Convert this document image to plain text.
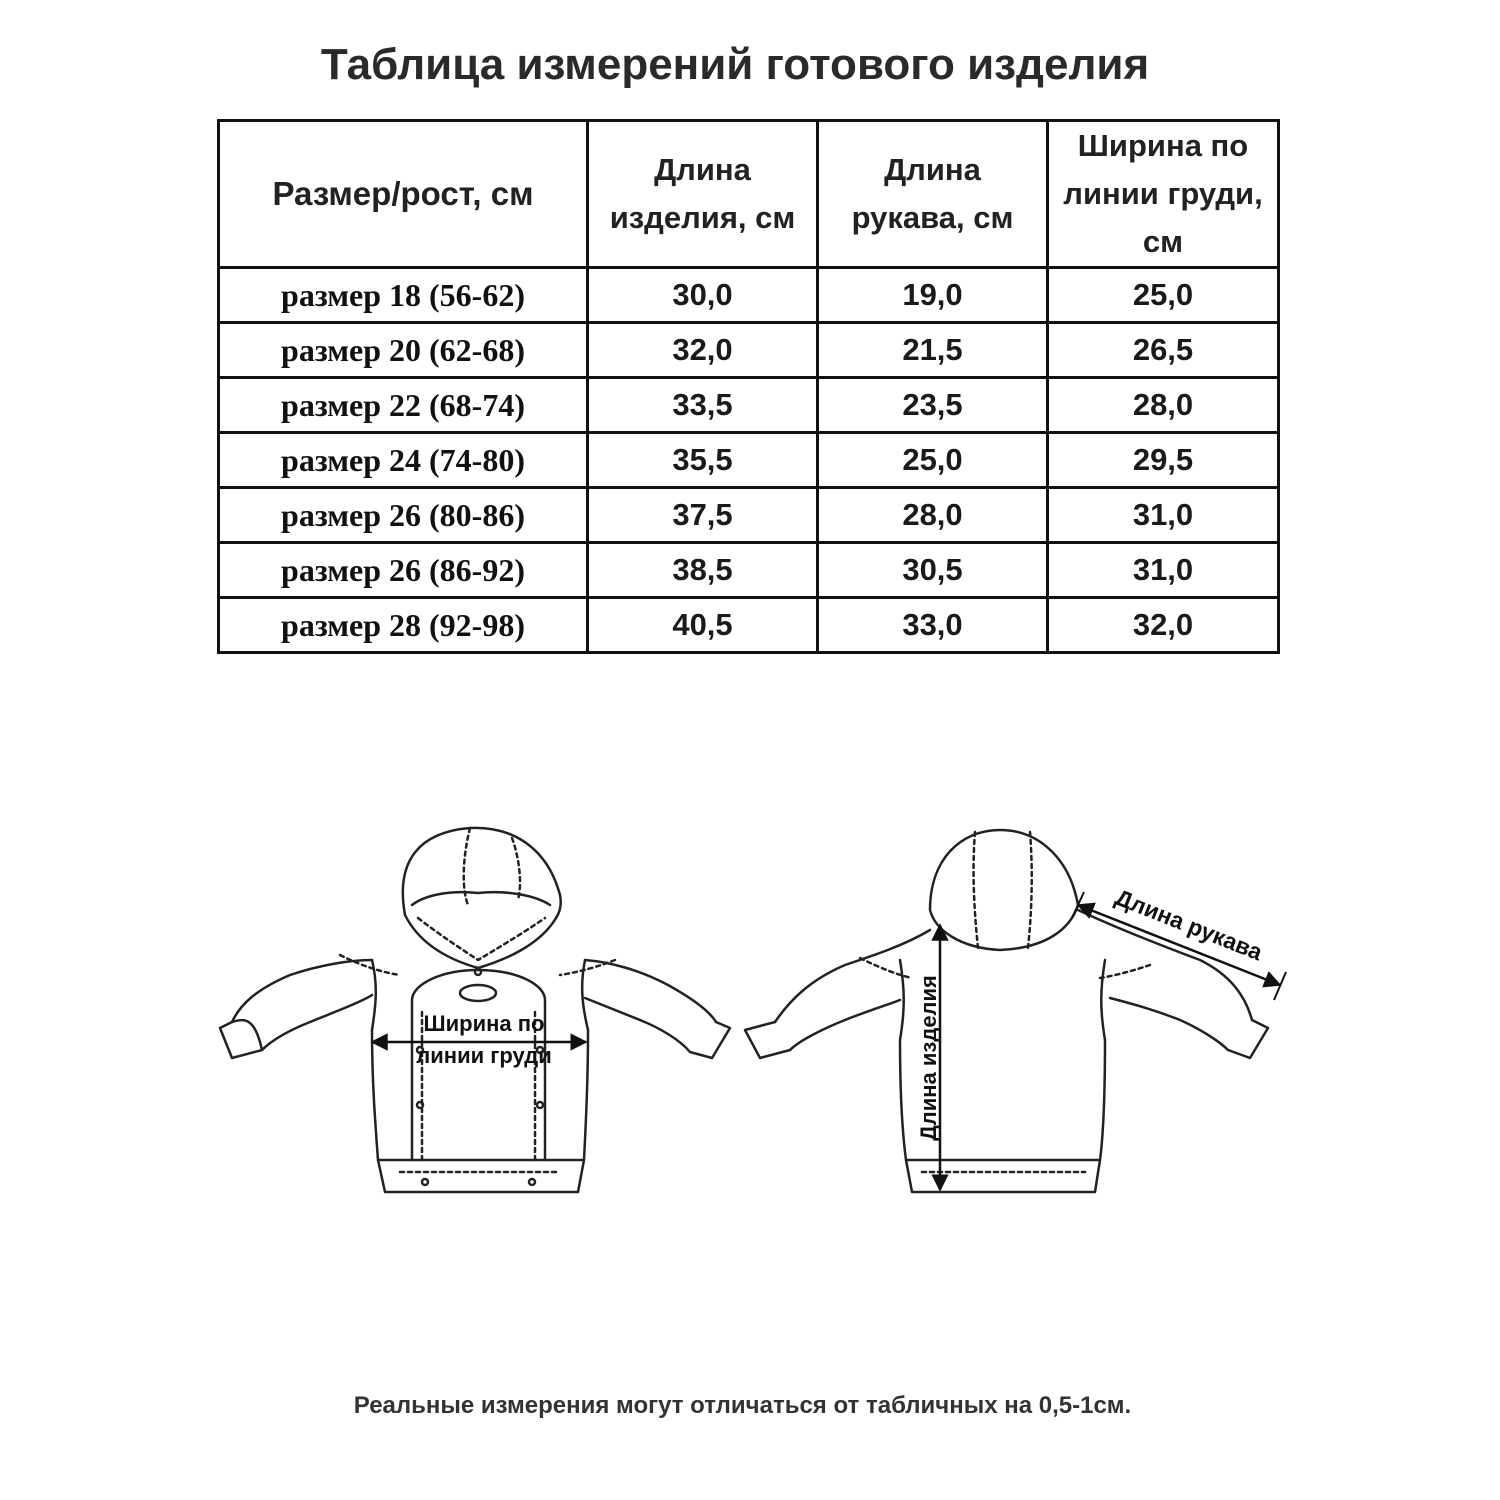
Таблица измерений готового изделия
Размер/рост, см	Длина изделия, см	Длина рукава, см	Ширина по линии груди, см
размер 18 (56-62)	30,0	19,0	25,0
размер 20 (62-68)	32,0	21,5	26,5
размер 22 (68-74)	33,5	23,5	28,0
размер 24 (74-80)	35,5	25,0	29,5
размер 26 (80-86)	37,5	28,0	31,0
размер 26 (86-92)	38,5	30,5	31,0
размер 28 (92-98)	40,5	33,0	32,0
Ширина по
линии груди	Длина изделия
Длина рукава
Реальные измерения могут отличаться от табличных на 0,5-1см.
